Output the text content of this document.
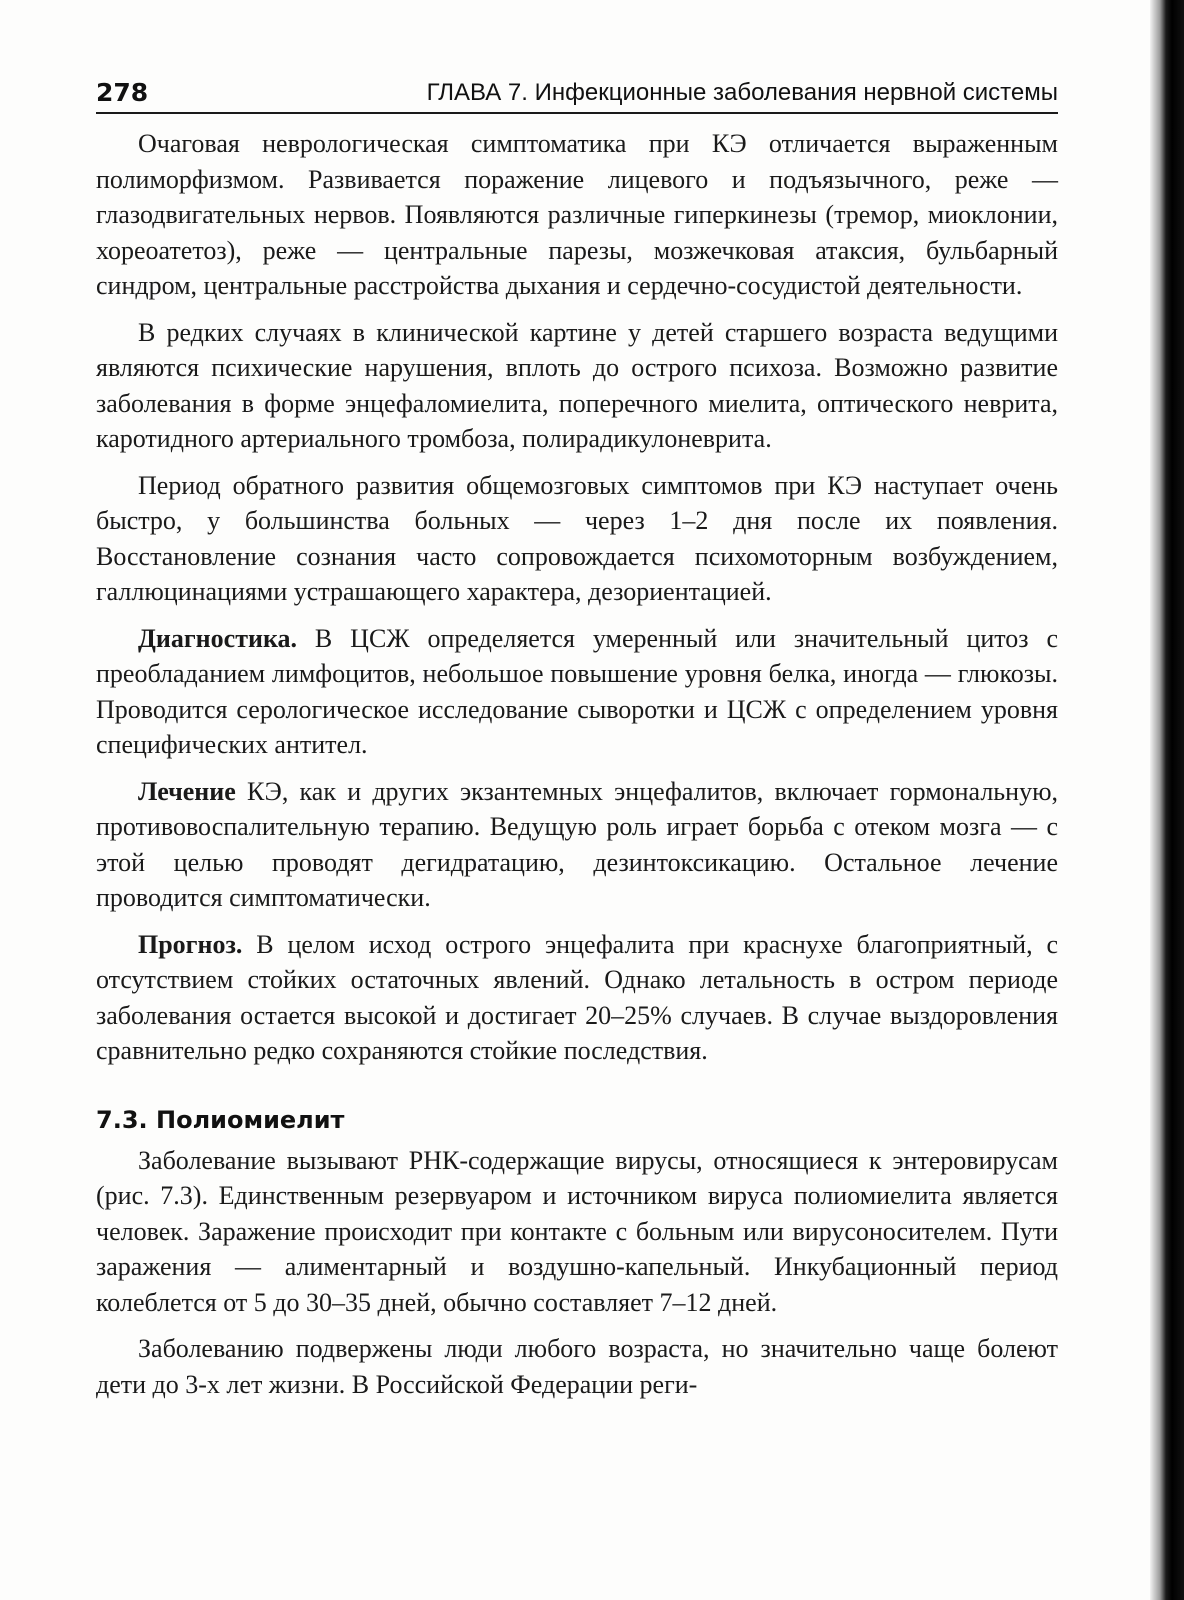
278	ГЛАВА 7. Инфекционные заболевания нервной системы

Очаговая неврологическая симптоматика при КЭ отличается выраженным полиморфизмом. Развивается поражение лицевого и подъязычного, реже — глазодвигательных нервов. Появляются различные гиперкинезы (тремор, миоклонии, хореоатетоз), реже — центральные парезы, мозжечковая атаксия, бульбарный синдром, центральные расстройства дыхания и сердечно-сосудистой деятельности.

В редких случаях в клинической картине у детей старшего возраста ведущими являются психические нарушения, вплоть до острого психоза. Возможно развитие заболевания в форме энцефаломиелита, поперечного миелита, оптического неврита, каротидного артериального тромбоза, полирадикулоневрита.

Период обратного развития общемозговых симптомов при КЭ наступает очень быстро, у большинства больных — через 1–2 дня после их появления. Восстановление сознания часто сопровождается психомоторным возбуждением, галлюцинациями устрашающего характера, дезориентацией.

Диагностика. В ЦСЖ определяется умеренный или значительный цитоз с преобладанием лимфоцитов, небольшое повышение уровня белка, иногда — глюкозы. Проводится серологическое исследование сыворотки и ЦСЖ с определением уровня специфических антител.

Лечение КЭ, как и других экзантемных энцефалитов, включает гормональную, противовоспалительную терапию. Ведущую роль играет борьба с отеком мозга — с этой целью проводят дегидратацию, дезинтоксикацию. Остальное лечение проводится симптоматически.

Прогноз. В целом исход острого энцефалита при краснухе благоприятный, с отсутствием стойких остаточных явлений. Однако летальность в остром периоде заболевания остается высокой и достигает 20–25% случаев. В случае выздоровления сравнительно редко сохраняются стойкие последствия.

7.3. Полиомиелит

Заболевание вызывают РНК-содержащие вирусы, относящиеся к энтеровирусам (рис. 7.3). Единственным резервуаром и источником вируса полиомиелита является человек. Заражение происходит при контакте с больным или вирусоносителем. Пути заражения — алиментарный и воздушно-капельный. Инкубационный период колеблется от 5 до 30–35 дней, обычно составляет 7–12 дней.

Заболеванию подвержены люди любого возраста, но значительно чаще болеют дети до 3-х лет жизни. В Российской Федерации реги-
